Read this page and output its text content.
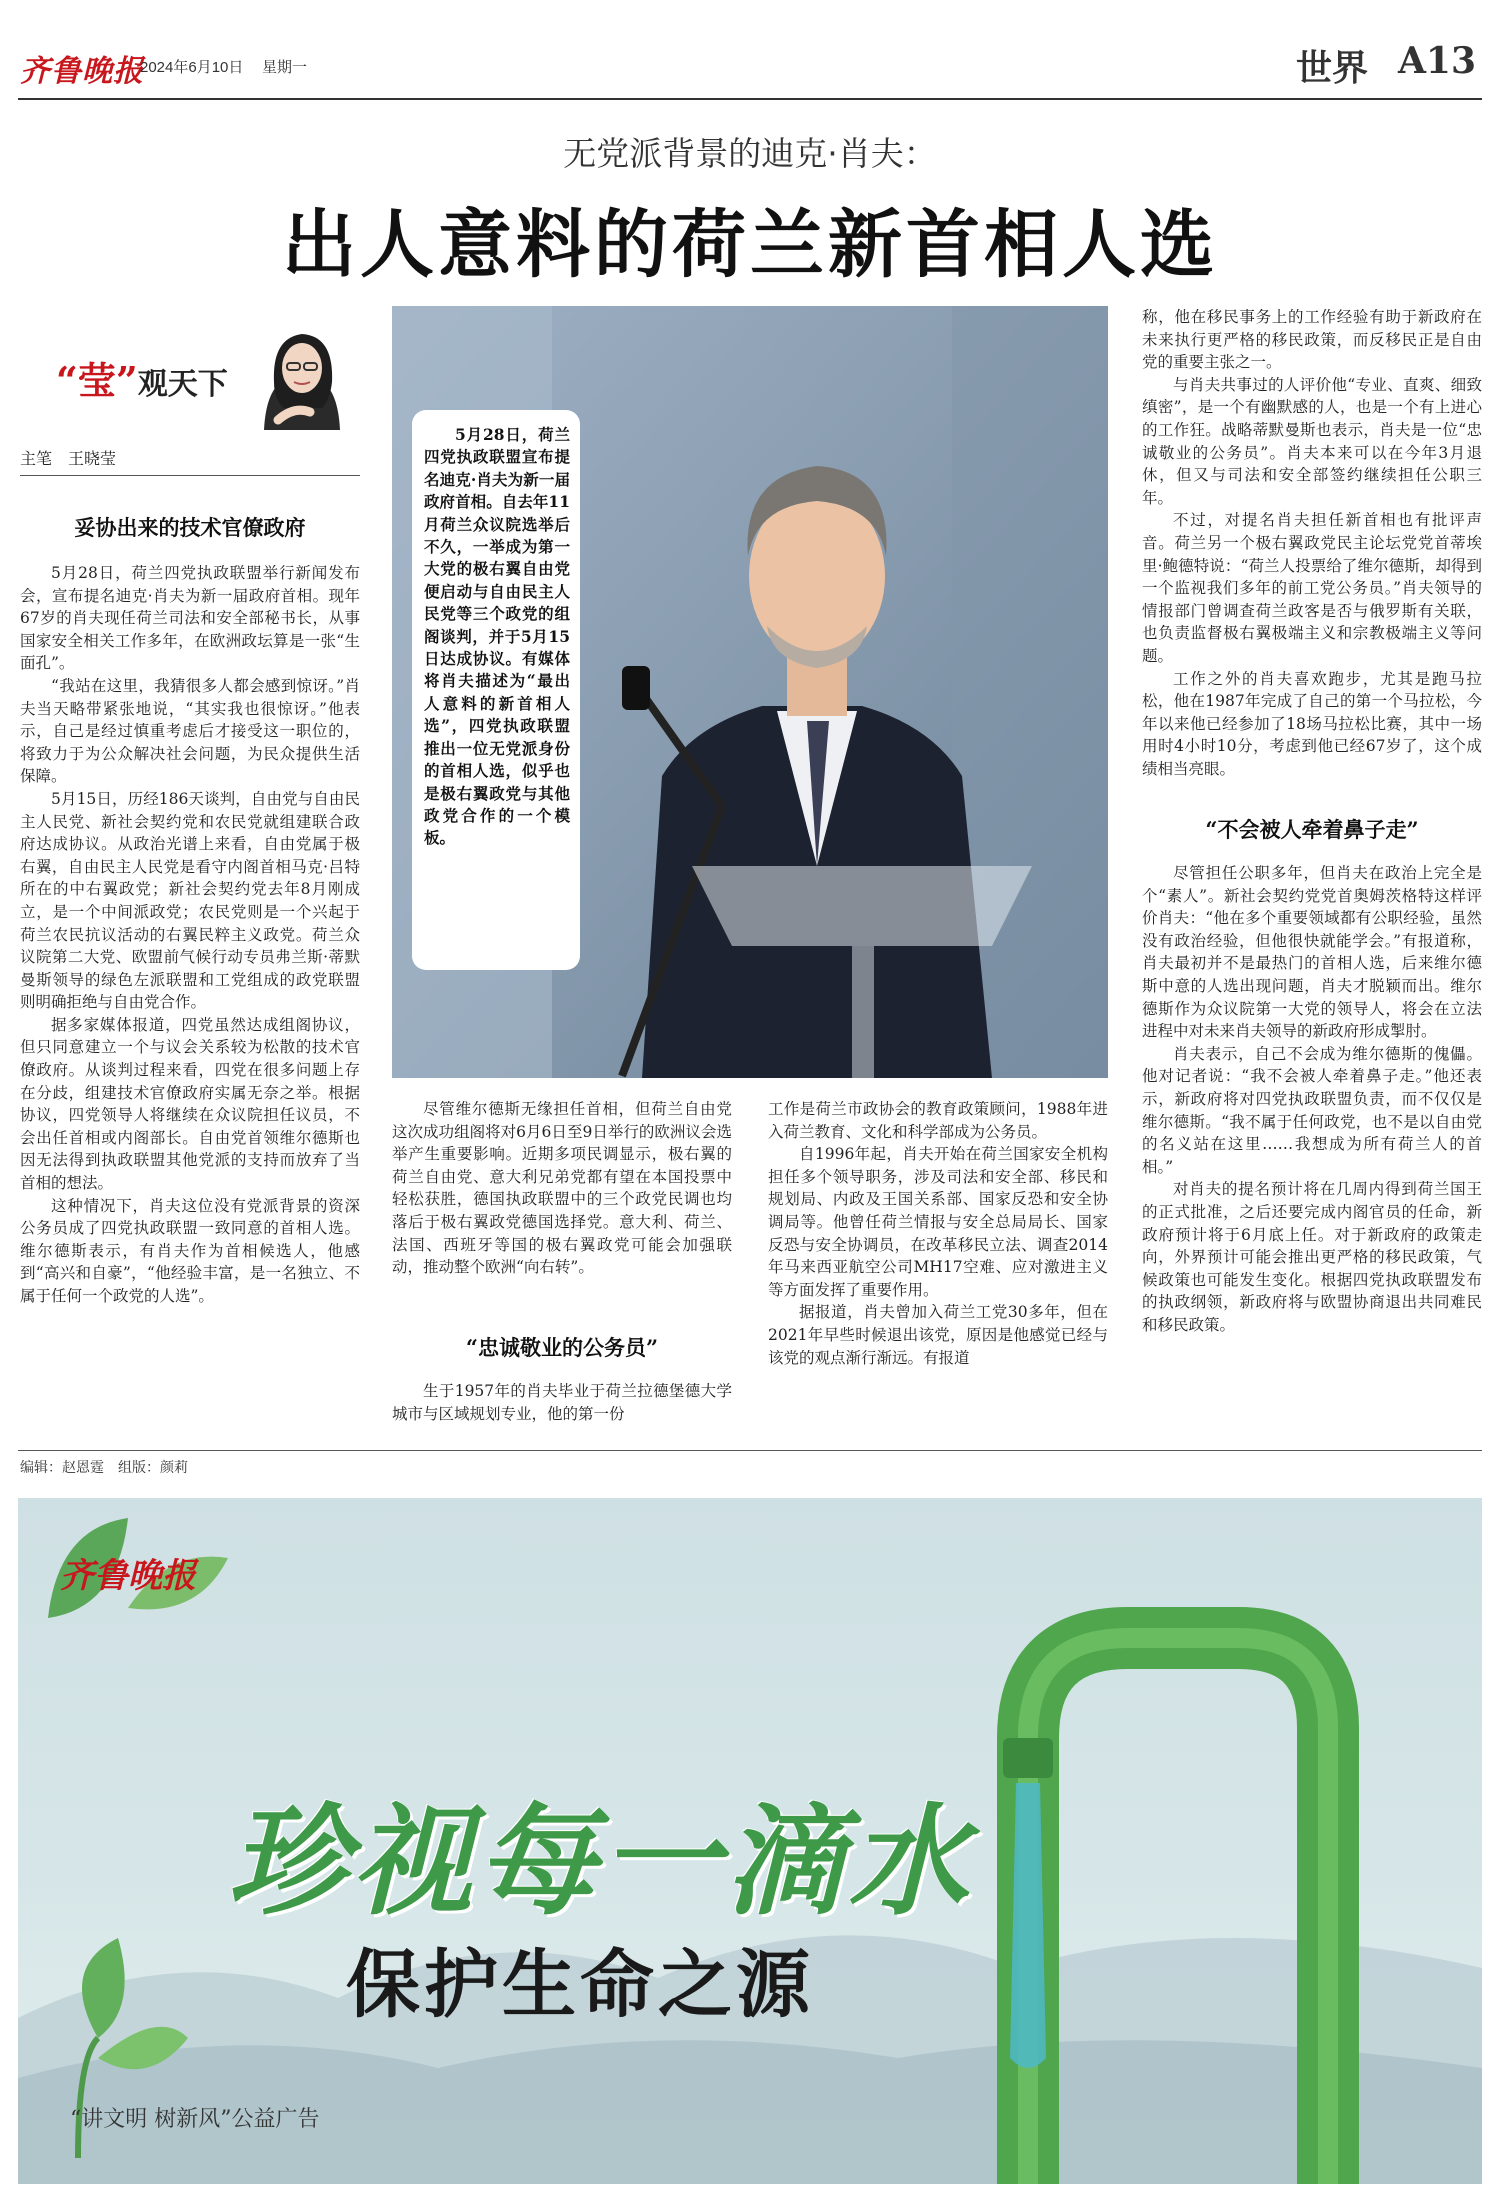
齐鲁晚报
2024年6月10日 星期一	世界 A13
无党派背景的迪克·肖夫：
出人意料的荷兰新首相人选
“莹”观天下
主笔 王晓莹
妥协出来的技术官僚政府

5月28日，荷兰四党执政联盟举行新闻发布会，宣布提名迪克·肖夫为新一届政府首相。现年67岁的肖夫现任荷兰司法和安全部秘书长，从事国家安全相关工作多年，在欧洲政坛算是一张“生面孔”。

“我站在这里，我猜很多人都会感到惊讶。”肖夫当天略带紧张地说，“其实我也很惊讶。”他表示，自己是经过慎重考虑后才接受这一职位的，将致力于为公众解决社会问题，为民众提供生活保障。

5月15日，历经186天谈判，自由党与自由民主人民党、新社会契约党和农民党就组建联合政府达成协议。从政治光谱上来看，自由党属于极右翼，自由民主人民党是看守内阁首相马克·吕特所在的中右翼政党；新社会契约党去年8月刚成立，是一个中间派政党；农民党则是一个兴起于荷兰农民抗议活动的右翼民粹主义政党。荷兰众议院第二大党、欧盟前气候行动专员弗兰斯·蒂默曼斯领导的绿色左派联盟和工党组成的政党联盟则明确拒绝与自由党合作。

据多家媒体报道，四党虽然达成组阁协议，但只同意建立一个与议会关系较为松散的技术官僚政府。从谈判过程来看，四党在很多问题上存在分歧，组建技术官僚政府实属无奈之举。根据协议，四党领导人将继续在众议院担任议员，不会出任首相或内阁部长。自由党首领维尔德斯也因无法得到执政联盟其他党派的支持而放弃了当首相的想法。

这种情况下，肖夫这位没有党派背景的资深公务员成了四党执政联盟一致同意的首相人选。维尔德斯表示，有肖夫作为首相候选人，他感到“高兴和自豪”，“他经验丰富，是一名独立、不属于任何一个政党的人选”。

5月28日，荷兰四党执政联盟宣布提名迪克·肖夫为新一届政府首相。自去年11月荷兰众议院选举后不久，一举成为第一大党的极右翼自由党便启动与自由民主人民党等三个政党的组阁谈判，并于5月15日达成协议。有媒体将肖夫描述为“最出人意料的新首相人选”，四党执政联盟推出一位无党派身份的首相人选，似乎也是极右翼政党与其他政党合作的一个模板。

尽管维尔德斯无缘担任首相，但荷兰自由党这次成功组阁将对6月6日至9日举行的欧洲议会选举产生重要影响。近期多项民调显示，极右翼的荷兰自由党、意大利兄弟党都有望在本国投票中轻松获胜，德国执政联盟中的三个政党民调也均落后于极右翼政党德国选择党。意大利、荷兰、法国、西班牙等国的极右翼政党可能会加强联动，推动整个欧洲“向右转”。

“忠诚敬业的公务员”

生于1957年的肖夫毕业于荷兰拉德堡德大学城市与区域规划专业，他的第一份

工作是荷兰市政协会的教育政策顾问，1988年进入荷兰教育、文化和科学部成为公务员。

自1996年起，肖夫开始在荷兰国家安全机构担任多个领导职务，涉及司法和安全部、移民和规划局、内政及王国关系部、国家反恐和安全协调局等。他曾任荷兰情报与安全总局局长、国家反恐与安全协调员，在改革移民立法、调查2014年马来西亚航空公司MH17空难、应对激进主义等方面发挥了重要作用。

据报道，肖夫曾加入荷兰工党30多年，但在2021年早些时候退出该党，原因是他感觉已经与该党的观点渐行渐远。有报道

称，他在移民事务上的工作经验有助于新政府在未来执行更严格的移民政策，而反移民正是自由党的重要主张之一。

与肖夫共事过的人评价他“专业、直爽、细致缜密”，是一个有幽默感的人，也是一个有上进心的工作狂。战略蒂默曼斯也表示，肖夫是一位“忠诚敬业的公务员”。肖夫本来可以在今年3月退休，但又与司法和安全部签约继续担任公职三年。

不过，对提名肖夫担任新首相也有批评声音。荷兰另一个极右翼政党民主论坛党党首蒂埃里·鲍德特说：“荷兰人投票给了维尔德斯，却得到一个监视我们多年的前工党公务员。”肖夫领导的情报部门曾调查荷兰政客是否与俄罗斯有关联，也负责监督极右翼极端主义和宗教极端主义等问题。

工作之外的肖夫喜欢跑步，尤其是跑马拉松，他在1987年完成了自己的第一个马拉松，今年以来他已经参加了18场马拉松比赛，其中一场用时4小时10分，考虑到他已经67岁了，这个成绩相当亮眼。

“不会被人牵着鼻子走”

尽管担任公职多年，但肖夫在政治上完全是个“素人”。新社会契约党党首奥姆茨格特这样评价肖夫：“他在多个重要领域都有公职经验，虽然没有政治经验，但他很快就能学会。”有报道称，肖夫最初并不是最热门的首相人选，后来维尔德斯中意的人选出现问题，肖夫才脱颖而出。维尔德斯作为众议院第一大党的领导人，将会在立法进程中对未来肖夫领导的新政府形成掣肘。

肖夫表示，自己不会成为维尔德斯的傀儡。他对记者说：“我不会被人牵着鼻子走。”他还表示，新政府将对四党执政联盟负责，而不仅仅是维尔德斯。“我不属于任何政党，也不是以自由党的名义站在这里……我想成为所有荷兰人的首相。”

对肖夫的提名预计将在几周内得到荷兰国王的正式批准，之后还要完成内阁官员的任命，新政府预计将于6月底上任。对于新政府的政策走向，外界预计可能会推出更严格的移民政策，气候政策也可能发生变化。根据四党执政联盟发布的执政纲领，新政府将与欧盟协商退出共同难民和移民政策。

编辑：赵恩霆 组版：颜莉
齐鲁晚报
珍视每一滴水
保护生命之源
“讲文明 树新风”公益广告
